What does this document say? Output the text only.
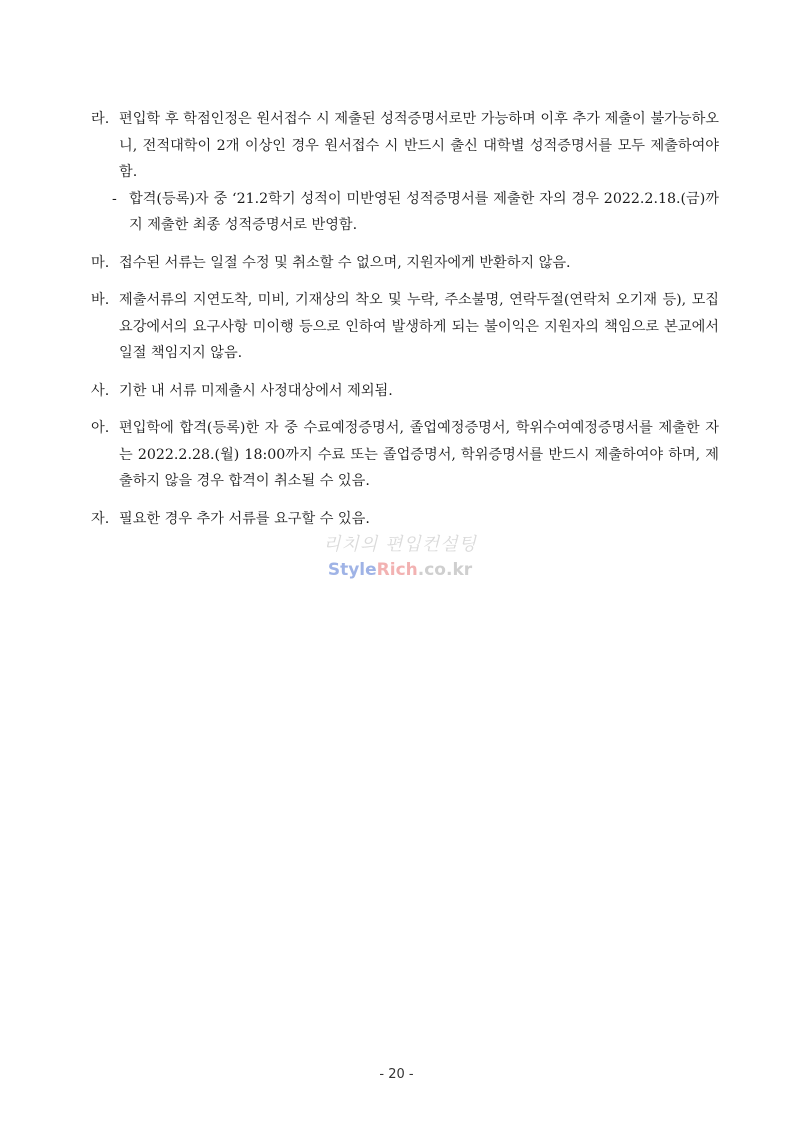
라. 편입학 후 학점인정은 원서접수 시 제출된 성적증명서로만 가능하며 이후 추가 제출이 불가능하오니, 전적대학이 2개 이상인 경우 원서접수 시 반드시 출신 대학별 성적증명서를 모두 제출하여야 함.
- 합격(등록)자 중 ‘21.2학기 성적이 미반영된 성적증명서를 제출한 자의 경우 2022.2.18.(금)까지 제출한 최종 성적증명서로 반영함.
마. 접수된 서류는 일절 수정 및 취소할 수 없으며, 지원자에게 반환하지 않음.
바. 제출서류의 지연도착, 미비, 기재상의 착오 및 누락, 주소불명, 연락두절(연락처 오기재 등), 모집요강에서의 요구사항 미이행 등으로 인하여 발생하게 되는 불이익은 지원자의 책임으로 본교에서 일절 책임지지 않음.
사. 기한 내 서류 미제출시 사정대상에서 제외됨.
아. 편입학에 합격(등록)한 자 중 수료예정증명서, 졸업예정증명서, 학위수여예정증명서를 제출한 자는 2022.2.28.(월) 18:00까지 수료 또는 졸업증명서, 학위증명서를 반드시 제출하여야 하며, 제출하지 않을 경우 합격이 취소될 수 있음.
자. 필요한 경우 추가 서류를 요구할 수 있음.
리치의 편입컨설팅
StyleRich.co.kr
- 20 -
